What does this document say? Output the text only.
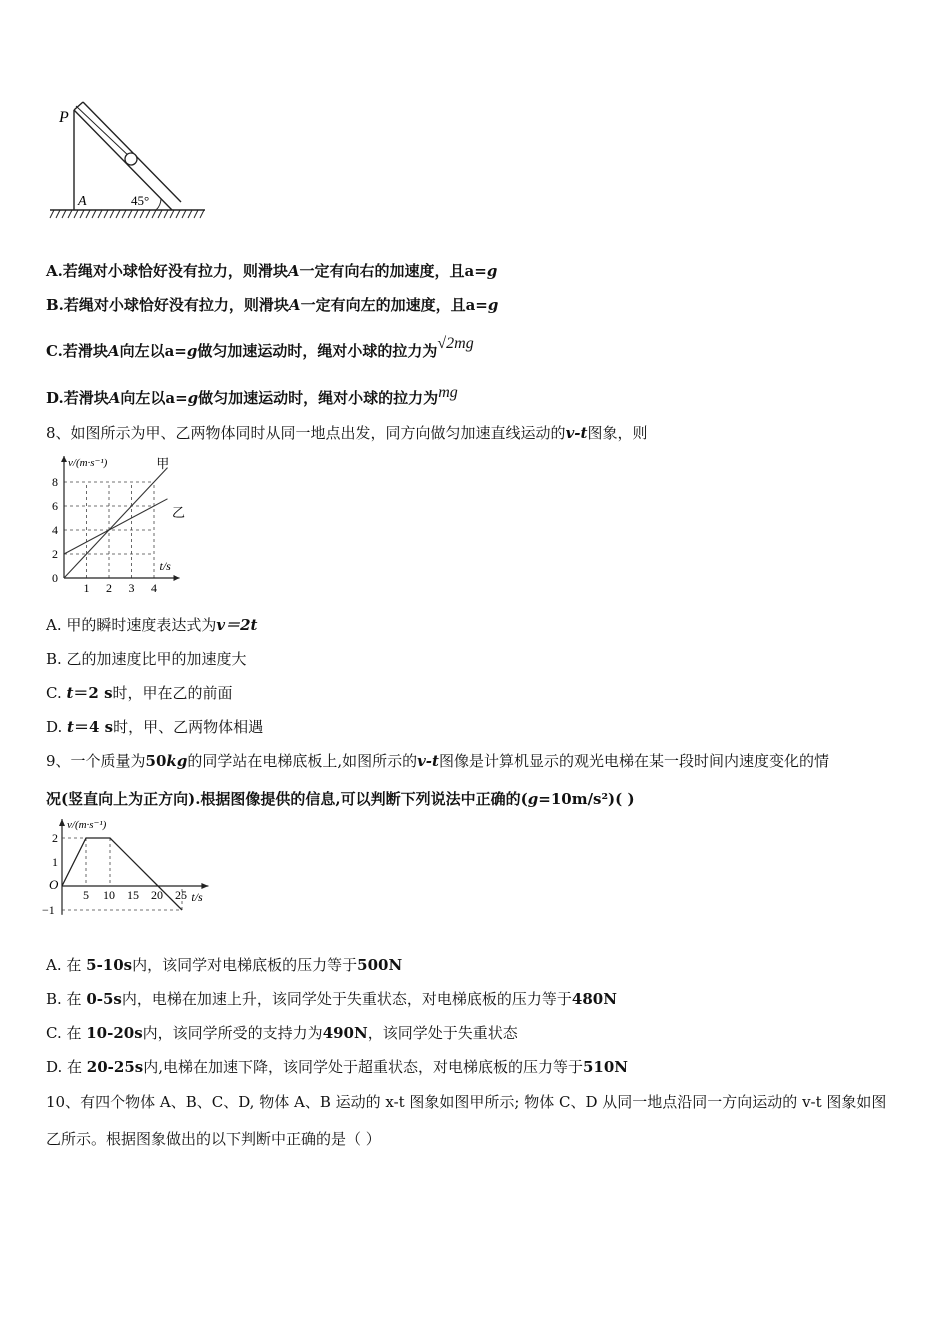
P
A	45°
A.若绳对小球恰好没有拉力，则滑块A一定有向右的加速度，且a=g
B.若绳对小球恰好没有拉力，则滑块A一定有向左的加速度，且a=g
C.若滑块A向左以a=g做匀加速运动时，绳对小球的拉力为√2mg
D.若滑块A向左以a=g做匀加速运动时，绳对小球的拉力为mg
8、如图所示为甲、乙两物体同时从同一地点出发，同方向做匀加速直线运动的v-t图象，则
1 2 3 4
0
2
4
6
8
甲
乙
v/(m·s⁻¹)
t/s
A. 甲的瞬时速度表达式为v＝2t
B. 乙的加速度比甲的加速度大
C. t＝2 s时，甲在乙的前面
D. t＝4 s时，甲、乙两物体相遇
9、一个质量为50kg的同学站在电梯底板上,如图所示的v-t图像是计算机显示的观光电梯在某一段时间内速度变化的情
况(竖直向上为正方向).根据图像提供的信息,可以判断下列说法中正确的(g=10m/s²)( )
5 10 15 20 25
2
1
−1
O
v/(m·s⁻¹)
t/s
A. 在 5-10s内，该同学对电梯底板的压力等于500N
B. 在 0-5s内，电梯在加速上升，该同学处于失重状态，对电梯底板的压力等于480N
C. 在 10-20s内，该同学所受的支持力为490N，该同学处于失重状态
D. 在 20-25s内,电梯在加速下降，该同学处于超重状态，对电梯底板的压力等于510N
10、有四个物体 A、B、C、D, 物体 A、B 运动的 x-t 图象如图甲所示; 物体 C、D 从同一地点沿同一方向运动的 v-t 图象如图
乙所示。根据图象做出的以下判断中正确的是（ ）
